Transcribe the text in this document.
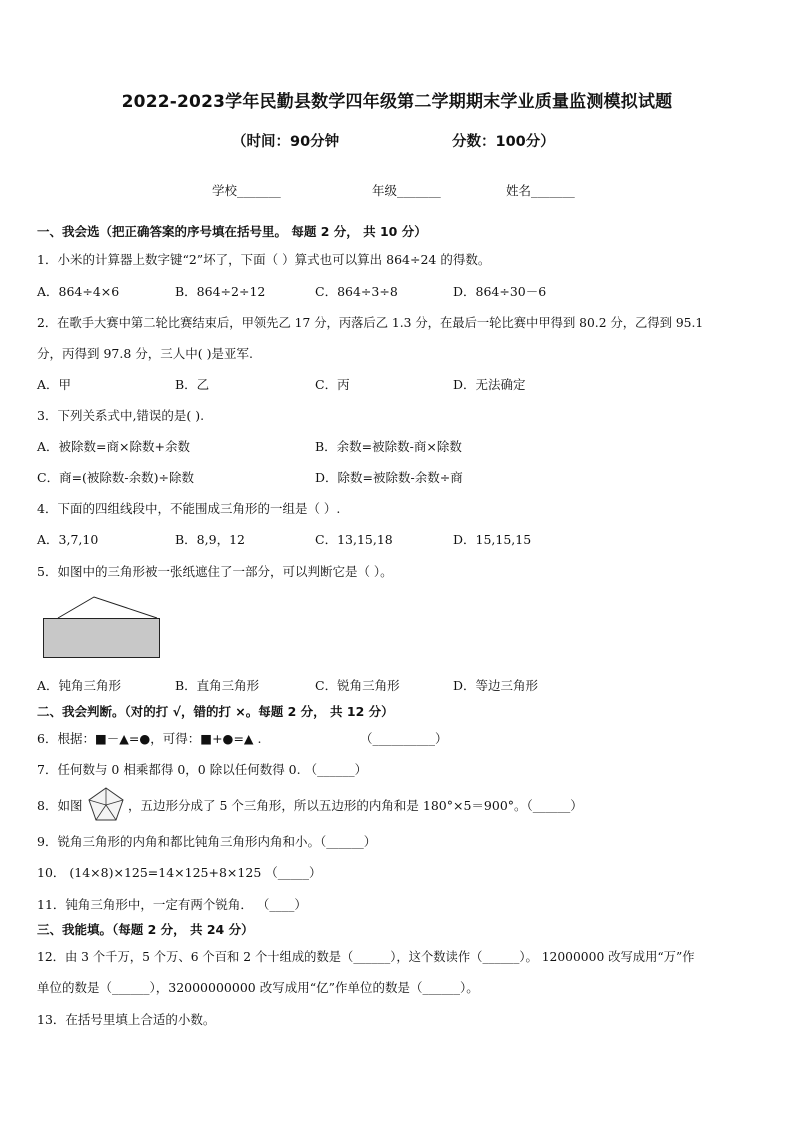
2022-2023学年民勤县数学四年级第二学期期末学业质量监测模拟试题
（时间：90分钟	分数：100分）
学校_______	年级_______	姓名_______
一、我会选（把正确答案的序号填在括号里。 每题 2 分， 共 10 分）
1．小米的计算器上数字键“2”坏了，下面（ ）算式也可以算出 864÷24 的得数。
A．864÷4×6	B．864÷2÷12	C．864÷3÷8	D．864÷30－6
2．在歌手大赛中第二轮比赛结束后，甲领先乙 17 分，丙落后乙 1.3 分，在最后一轮比赛中甲得到 80.2 分，乙得到 95.1
分，丙得到 97.8 分，三人中( )是亚军.
A．甲	B．乙	C．丙	D．无法确定
3．下列关系式中,错误的是( ).
A．被除数=商×除数+余数	B．余数=被除数-商×除数
C．商=(被除数-余数)÷除数	D．除数=被除数-余数÷商
4．下面的四组线段中，不能围成三角形的一组是（ ）.
A．3,7,10	B．8,9，12	C．13,15,18	D．15,15,15
5．如图中的三角形被一张纸遮住了一部分，可以判断它是（ ）。
A．钝角三角形	B．直角三角形	C．锐角三角形	D．等边三角形
二、我会判断。（对的打 √，错的打 ×。每题 2 分， 共 12 分）
6．根据：■－▲=●，可得：■+●=▲ .	（__________）
7．任何数与 0 相乘都得 0，0 除以任何数得 0. （______）
8．如图	，五边形分成了 5 个三角形，所以五边形的内角和是 180°×5＝900°。（______）
9．锐角三角形的内角和都比钝角三角形内角和小。（______）
10． (14×8)×125=14×125+8×125 （_____）
11．钝角三角形中，一定有两个锐角． （____）
三、我能填。（每题 2 分， 共 24 分）
12．由 3 个千万，5 个万、6 个百和 2 个十组成的数是（______），这个数读作（______）。 12000000 改写成用“万”作
单位的数是（______），32000000000 改写成用“亿”作单位的数是（______）。
13．在括号里填上合适的小数。
